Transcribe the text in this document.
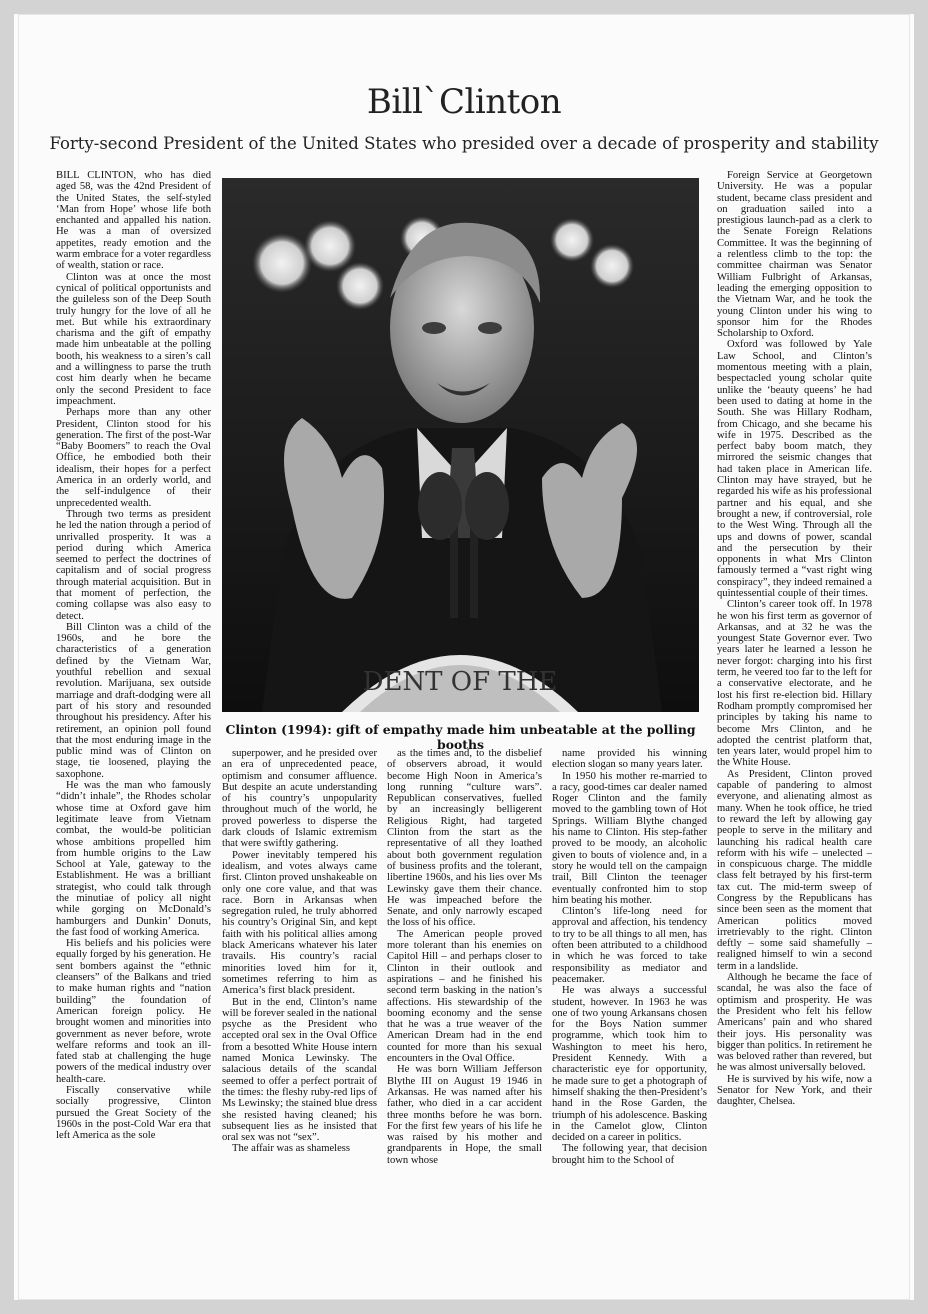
Bill`Clinton
Forty-second President of the United States who presided over a decade of prosperity and stability

BILL CLINTON, who has died aged 58, was the 42nd President of the United States, the self-styled ‘Man from Hope’ whose life both enchanted and appalled his nation. He was a man of oversized appetites, ready emotion and the warm embrace for a voter regardless of wealth, station or race.

Clinton was at once the most cynical of political opportunists and the guileless son of the Deep South truly hungry for the love of all he met. But while his extraordinary charisma and the gift of empathy made him unbeatable at the polling booth, his weakness to a siren’s call and a willingness to parse the truth cost him dearly when he became only the second President to face impeachment.

Perhaps more than any other President, Clinton stood for his generation. The first of the post-War “Baby Boomers” to reach the Oval Office, he embodied both their idealism, their hopes for a perfect America in an orderly world, and the self-indulgence of their unprecedented wealth.

Through two terms as president he led the nation through a period of unrivalled prosperity. It was a period during which America seemed to perfect the doctrines of capitalism and of social progress through material acquisition. But in that moment of perfection, the coming collapse was also easy to detect.

Bill Clinton was a child of the 1960s, and he bore the characteristics of a generation defined by the Vietnam War, youthful rebellion and sexual revolution. Marijuana, sex outside marriage and draft-dodging were all part of his story and resounded throughout his presidency. After his retirement, an opinion poll found that the most enduring image in the public mind was of Clinton on stage, tie loosened, playing the saxophone.

He was the man who famously “didn’t inhale”, the Rhodes scholar whose time at Oxford gave him legitimate leave from Vietnam combat, the would-be politician whose ambitions propelled him from humble origins to the Law School at Yale, gateway to the Establishment. He was a brilliant strategist, who could talk through the minutiae of policy all night while gorging on McDonald’s hamburgers and Dunkin’ Donuts, the fast food of working America.

His beliefs and his policies were equally forged by his generation. He sent bombers against the “ethnic cleansers” of the Balkans and tried to make human rights and “nation building” the foundation of American foreign policy. He brought women and minorities into government as never before, wrote welfare reforms and took an ill-fated stab at challenging the huge powers of the medical industry over health-care.

Fiscally conservative while socially progressive, Clinton pursued the Great Society of the 1960s in the post-Cold War era that left America as the sole

DENT OF THE
Clinton (1994): gift of empathy made him unbeatable at the polling booths

superpower, and he presided over an era of unprecedented peace, optimism and consumer affluence. But despite an acute understanding of his country’s unpopularity throughout much of the world, he proved powerless to disperse the dark clouds of Islamic extremism that were swiftly gathering.

Power inevitably tempered his idealism, and votes always came first. Clinton proved unshakeable on only one core value, and that was race. Born in Arkansas when segregation ruled, he truly abhorred his country’s Original Sin, and kept faith with his political allies among black Americans whatever his later travails. His country’s racial minorities loved him for it, sometimes referring to him as America’s first black president.

But in the end, Clinton’s name will be forever sealed in the national psyche as the President who accepted oral sex in the Oval Office from a besotted White House intern named Monica Lewinsky. The salacious details of the scandal seemed to offer a perfect portrait of the times: the fleshy ruby-red lips of Ms Lewinsky; the stained blue dress she resisted having cleaned; his subsequent lies as he insisted that oral sex was not “sex”.

The affair was as shameless

as the times and, to the disbelief of observers abroad, it would become High Noon in America’s long running “culture wars”. Republican conservatives, fuelled by an increasingly belligerent Religious Right, had targeted Clinton from the start as the representative of all they loathed about both government regulation of business profits and the tolerant, libertine 1960s, and his lies over Ms Lewinsky gave them their chance. He was impeached before the Senate, and only narrowly escaped the loss of his office.

The American people proved more tolerant than his enemies on Capitol Hill – and perhaps closer to Clinton in their outlook and aspirations – and he finished his second term basking in the nation’s affections. His stewardship of the booming economy and the sense that he was a true weaver of the American Dream had in the end counted for more than his sexual encounters in the Oval Office.

He was born William Jefferson Blythe III on August 19 1946 in Arkansas. He was named after his father, who died in a car accident three months before he was born. For the first few years of his life he was raised by his mother and grandparents in Hope, the small town whose

name provided his winning election slogan so many years later.

In 1950 his mother re-married to a racy, good-times car dealer named Roger Clinton and the family moved to the gambling town of Hot Springs. William Blythe changed his name to Clinton. His step-father proved to be moody, an alcoholic given to bouts of violence and, in a story he would tell on the campaign trail, Bill Clinton the teenager eventually confronted him to stop him beating his mother.

Clinton’s life-long need for approval and affection, his tendency to try to be all things to all men, has often been attributed to a childhood in which he was forced to take responsibility as mediator and peacemaker.

He was always a successful student, however. In 1963 he was one of two young Arkansans chosen for the Boys Nation summer programme, which took him to Washington to meet his hero, President Kennedy. With a characteristic eye for opportunity, he made sure to get a photograph of himself shaking the then-President’s hand in the Rose Garden, the triumph of his adolescence. Basking in the Camelot glow, Clinton decided on a career in politics.

The following year, that decision brought him to the School of

Foreign Service at Georgetown University. He was a popular student, became class president and on graduation sailed into a prestigious launch-pad as a clerk to the Senate Foreign Relations Committee. It was the beginning of a relentless climb to the top: the committee chairman was Senator William Fulbright of Arkansas, leading the emerging opposition to the Vietnam War, and he took the young Clinton under his wing to sponsor him for the Rhodes Scholarship to Oxford.

Oxford was followed by Yale Law School, and Clinton’s momentous meeting with a plain, bespectacled young scholar quite unlike the ‘beauty queens’ he had been used to dating at home in the South. She was Hillary Rodham, from Chicago, and she became his wife in 1975. Described as the perfect baby boom match, they mirrored the seismic changes that had taken place in American life. Clinton may have strayed, but he regarded his wife as his professional partner and his equal, and she brought a new, if controversial, role to the West Wing. Through all the ups and downs of power, scandal and the persecution by their opponents in what Mrs Clinton famously termed a “vast right wing conspiracy”, they indeed remained a quintessential couple of their times.

Clinton’s career took off. In 1978 he won his first term as governor of Arkansas, and at 32 he was the youngest State Governor ever. Two years later he learned a lesson he never forgot: charging into his first term, he veered too far to the left for a conservative electorate, and he lost his first re-election bid. Hillary Rodham promptly compromised her principles by taking his name to become Mrs Clinton, and he adopted the centrist platform that, ten years later, would propel him to the White House.

As President, Clinton proved capable of pandering to almost everyone, and alienating almost as many. When he took office, he tried to reward the left by allowing gay people to serve in the military and launching his radical health care reform with his wife – unelected – in conspicuous charge. The middle class felt betrayed by his first-term tax cut. The mid-term sweep of Congress by the Republicans has since been seen as the moment that American politics moved irretrievably to the right. Clinton deftly – some said shamefully – realigned himself to win a second term in a landslide.

Although he became the face of scandal, he was also the face of optimism and prosperity. He was the President who felt his fellow Americans’ pain and who shared their joys. His personality was bigger than politics. In retirement he was beloved rather than revered, but he was almost universally beloved.

He is survived by his wife, now a Senator for New York, and their daughter, Chelsea.
